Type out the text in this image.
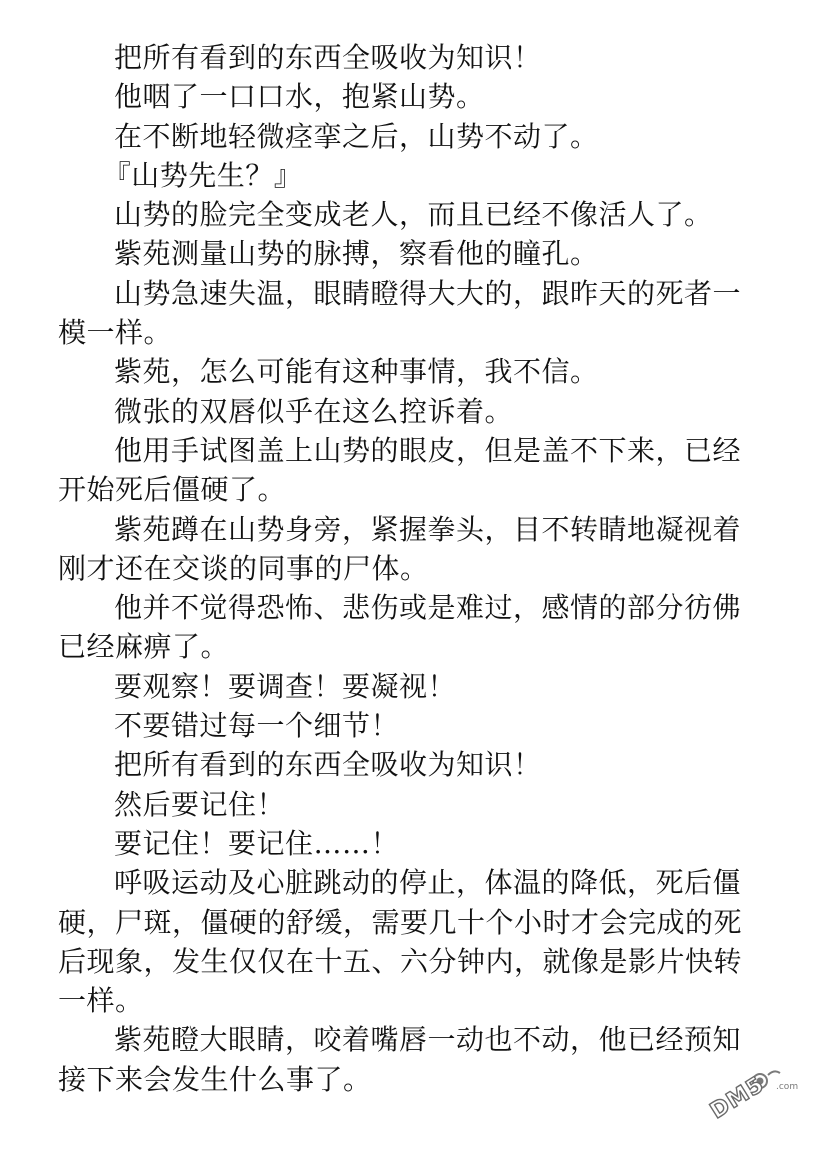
把所有看到的东西全吸收为知识！

他咽了一口口水，抱紧山势。

在不断地轻微痉挛之后，山势不动了。

『山势先生？』

山势的脸完全变成老人，而且已经不像活人了。

紫苑测量山势的脉搏，察看他的瞳孔。

山势急速失温，眼睛瞪得大大的，跟昨天的死者一模一样。

紫苑，怎么可能有这种事情，我不信。

微张的双唇似乎在这么控诉着。

他用手试图盖上山势的眼皮，但是盖不下来，已经开始死后僵硬了。

紫苑蹲在山势身旁，紧握拳头，目不转睛地凝视着刚才还在交谈的同事的尸体。

他并不觉得恐怖、悲伤或是难过，感情的部分彷佛已经麻痹了。

要观察！要调查！要凝视！

不要错过每一个细节！

把所有看到的东西全吸收为知识！

然后要记住！

要记住！要记住……！

呼吸运动及心脏跳动的停止，体温的降低，死后僵硬，尸斑，僵硬的舒缓，需要几十个小时才会完成的死后现象，发生仅仅在十五、六分钟内，就像是影片快转一样。

紫苑瞪大眼睛，咬着嘴唇一动也不动，他已经预知接下来会发生什么事了。	.com
DM5
